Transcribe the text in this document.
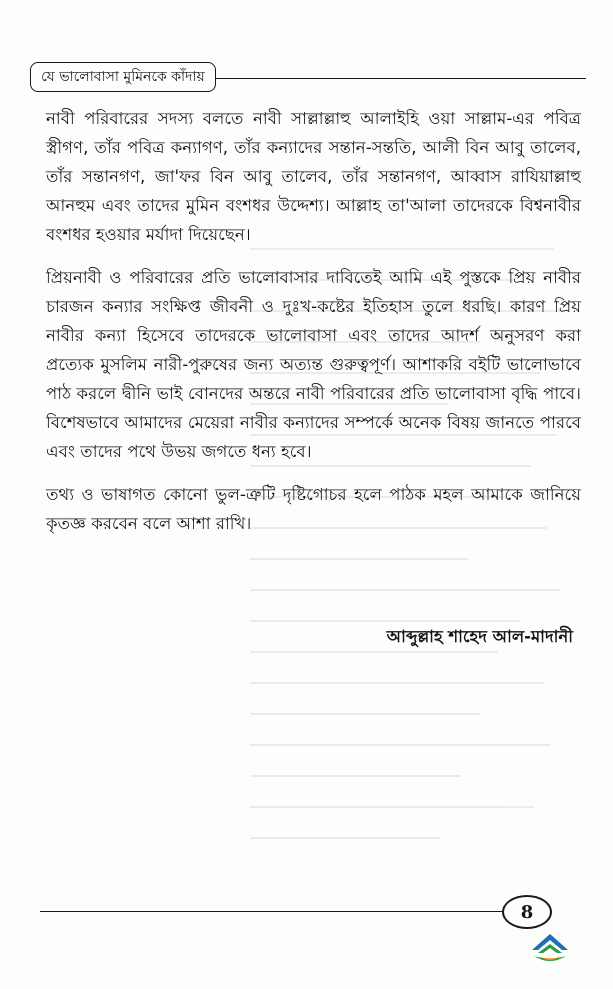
যে ভালোবাসা মুমিনকে কাঁদায়

নাবী পরিবারের সদস্য বলতে নাবী সাল্লাল্লাহু আলাইহি ওয়া সাল্লাম-এর পবিত্র স্ত্রীগণ, তাঁর পবিত্র কন্যাগণ, তাঁর কন্যাদের সন্তান-সন্ততি, আলী বিন আবু তালেব, তাঁর সন্তানগণ, জা'ফর বিন আবু তালেব, তাঁর সন্তানগণ, আব্বাস রাযিয়াল্লাহু আনহুম এবং তাদের মুমিন বংশধর উদ্দেশ্য। আল্লাহ তা'আলা তাদেরকে বিশ্বনাবীর বংশধর হওয়ার মর্যাদা দিয়েছেন।

প্রিয়নাবী ও পরিবারের প্রতি ভালোবাসার দাবিতেই আমি এই পুস্তকে প্রিয় নাবীর চারজন কন্যার সংক্ষিপ্ত জীবনী ও দুঃখ-কষ্টের ইতিহাস তুলে ধরছি। কারণ প্রিয় নাবীর কন্যা হিসেবে তাদেরকে ভালোবাসা এবং তাদের আদর্শ অনুসরণ করা প্রত্যেক মুসলিম নারী-পুরুষের জন্য অত্যন্ত গুরুত্বপূর্ণ। আশাকরি বইটি ভালোভাবে পাঠ করলে দ্বীনি ভাই বোনদের অন্তরে নাবী পরিবারের প্রতি ভালোবাসা বৃদ্ধি পাবে। বিশেষভাবে আমাদের মেয়েরা নাবীর কন্যাদের সম্পর্কে অনেক বিষয় জানতে পারবে এবং তাদের পথে উভয় জগতে ধন্য হবে।

তথ্য ও ভাষাগত কোনো ভুল-ত্রুটি দৃষ্টিগোচর হলে পাঠক মহল আমাকে জানিয়ে কৃতজ্ঞ করবেন বলে আশা রাখি।

আব্দুল্লাহ শাহেদ আল-মাদানী
8
